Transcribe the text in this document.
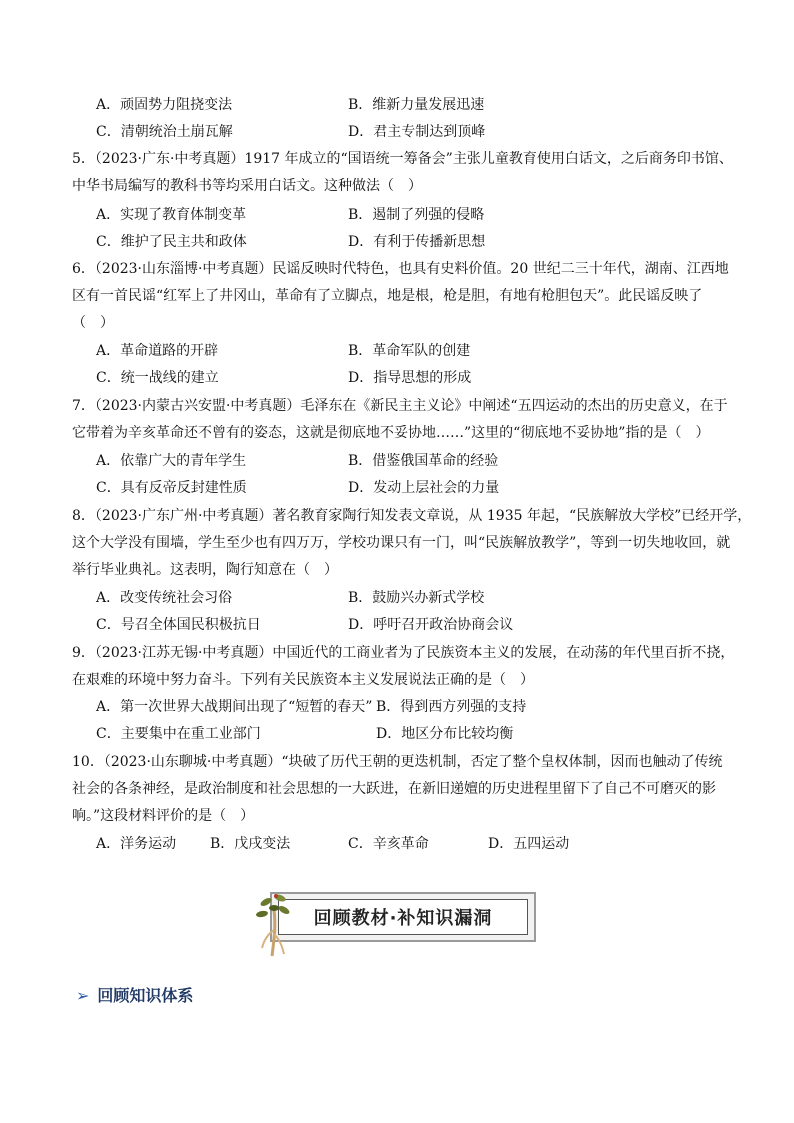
A．顽固势力阻挠变法	B．维新力量发展迅速
C．清朝统治土崩瓦解	D．君主专制达到顶峰
5．（2023·广东·中考真题）1917 年成立的“国语统一筹备会”主张儿童教育使用白话文，之后商务印书馆、
中华书局编写的教科书等均采用白话文。这种做法（　）
A．实现了教育体制变革	B．遏制了列强的侵略
C．维护了民主共和政体	D．有利于传播新思想
6．（2023·山东淄博·中考真题）民谣反映时代特色，也具有史料价值。20 世纪二三十年代，湖南、江西地
区有一首民谣“红军上了井冈山，革命有了立脚点，地是根，枪是胆，有地有枪胆包天”。此民谣反映了
（　）
A．革命道路的开辟	B．革命军队的创建
C．统一战线的建立	D．指导思想的形成
7．（2023·内蒙古兴安盟·中考真题）毛泽东在《新民主主义论》中阐述“五四运动的杰出的历史意义，在于
它带着为辛亥革命还不曾有的姿态，这就是彻底地不妥协地……”这里的“彻底地不妥协地”指的是（　）
A．依靠广大的青年学生	B．借鉴俄国革命的经验
C．具有反帝反封建性质	D．发动上层社会的力量
8．（2023·广东广州·中考真题）著名教育家陶行知发表文章说，从 1935 年起，“民族解放大学校”已经开学，
这个大学没有围墙，学生至少也有四万万，学校功课只有一门，叫“民族解放教学”，等到一切失地收回，就
举行毕业典礼。这表明，陶行知意在（　）
A．改变传统社会习俗	B．鼓励兴办新式学校
C．号召全体国民积极抗日	D．呼吁召开政治协商会议
9．（2023·江苏无锡·中考真题）中国近代的工商业者为了民族资本主义的发展，在动荡的年代里百折不挠，
在艰难的环境中努力奋斗。下列有关民族资本主义发展说法正确的是（　）
A．第一次世界大战期间出现了“短暂的春天” B．得到西方列强的支持
C．主要集中在重工业部门	D．地区分布比较均衡
10．（2023·山东聊城·中考真题）“块破了历代王朝的更迭机制，否定了整个皇权体制，因而也触动了传统
社会的各条神经，是政治制度和社会思想的一大跃进，在新旧递嬗的历史进程里留下了自己不可磨灭的影
响。”这段材料评价的是（　）
A．洋务运动 B．戊戌变法	C．辛亥革命	D．五四运动
回顾教材·补知识漏洞
➢ 回顾知识体系
